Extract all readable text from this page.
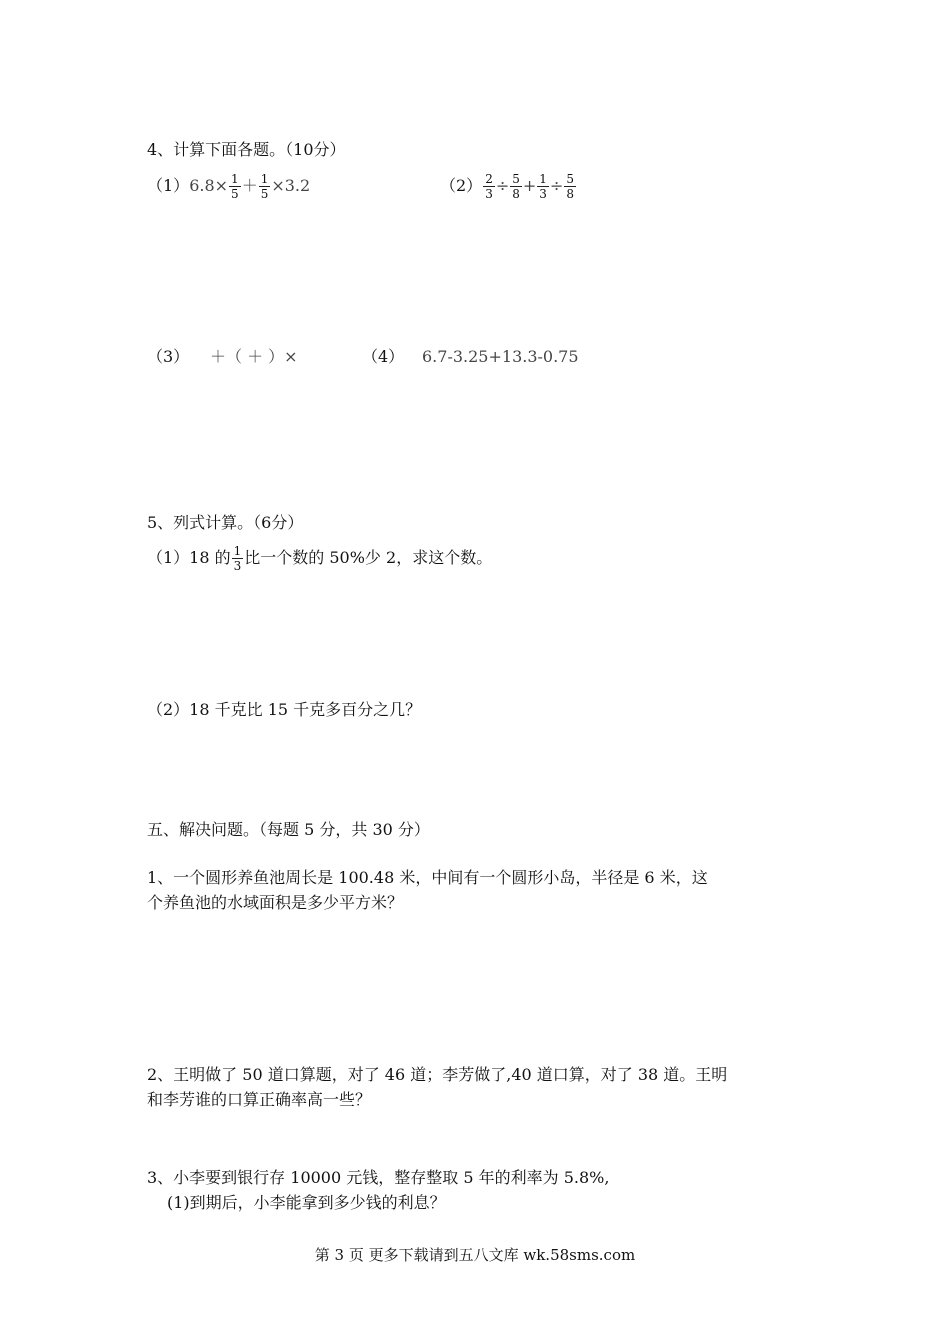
4、计算下面各题。（10分）
$(1)6.8\times \frac{1}{5} + \frac{1}{5} \times 3.2$	$(2) \frac{2}{3} \div \frac{5}{8} + \frac{1}{3} \div \frac{5}{8}$
（3） ＋（ ＋ ）×	（4） 6.7-3.25+13.3-0.75
5、列式计算。（6分）
（1）18 的 $\frac{1}{3}$ 比一个数的 50%少 2，求这个数。
（2）18 千克比 15 千克多百分之几？
五、解决问题。（每题 5 分，共 30 分）
1、一个圆形养鱼池周长是 100.48 米，中间有一个圆形小岛，半径是 6 米，这
个养鱼池的水域面积是多少平方米？
2、王明做了 50 道口算题，对了 46 道；李芳做了,40 道口算，对了 38 道。王明
和李芳谁的口算正确率高一些？
3、小李要到银行存 10000 元钱，整存整取 5 年的利率为 5.8%,
(1)到期后，小李能拿到多少钱的利息？
第 3 页 更多下载请到五八文库 wk.58sms.com
